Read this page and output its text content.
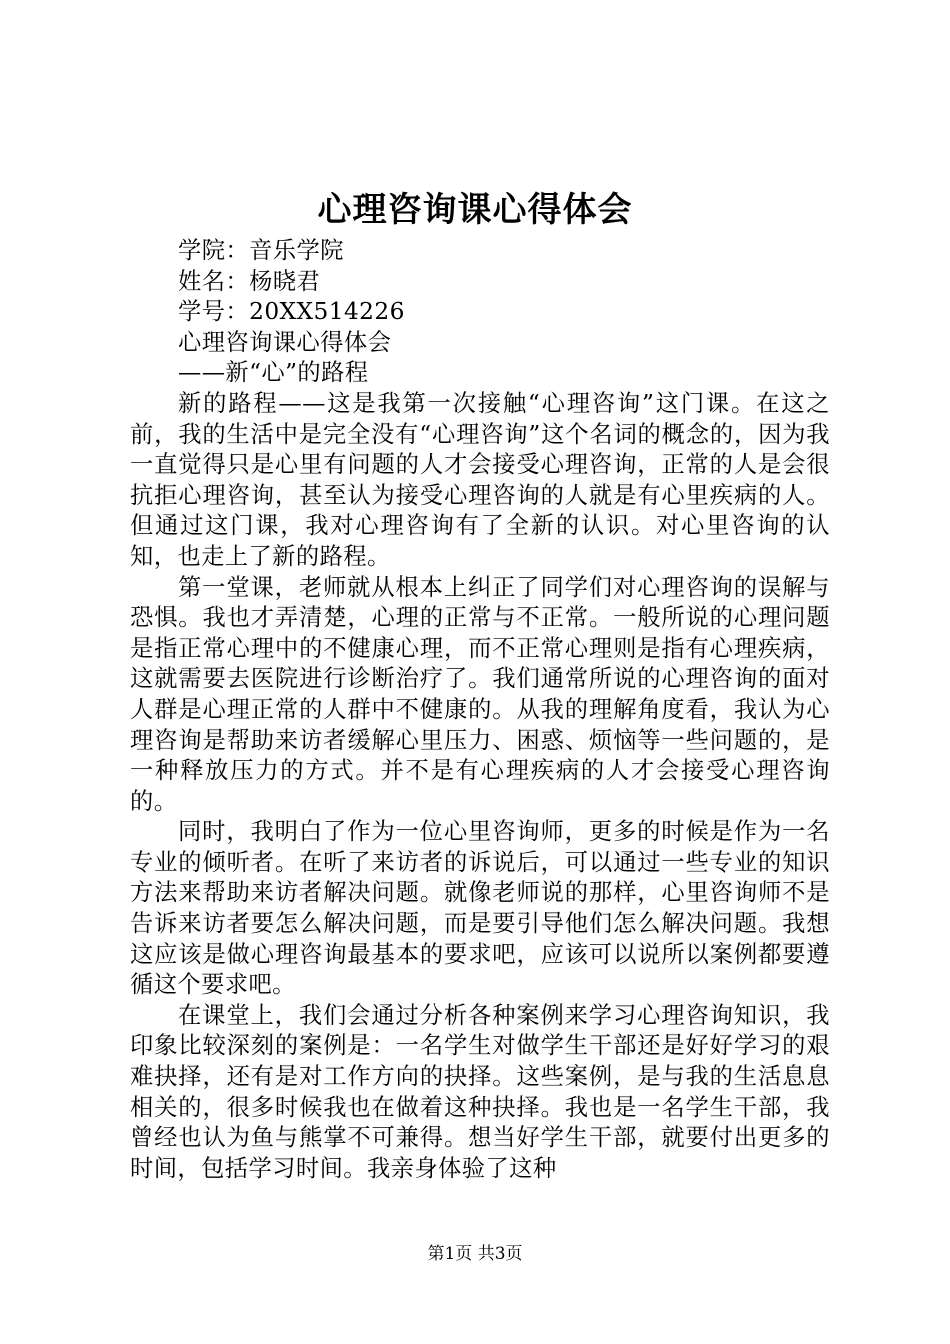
心理咨询课心得体会

学院：音乐学院

姓名：杨晓君

学号：20XX514226

心理咨询课心得体会

——新“心”的路程

新的路程——这是我第一次接触“心理咨询”这门课。在这之前，我的生活中是完全没有“心理咨询”这个名词的概念的，因为我一直觉得只是心里有问题的人才会接受心理咨询，正常的人是会很抗拒心理咨询，甚至认为接受心理咨询的人就是有心里疾病的人。但通过这门课，我对心理咨询有了全新的认识。对心里咨询的认知，也走上了新的路程。

第一堂课，老师就从根本上纠正了同学们对心理咨询的误解与恐惧。我也才弄清楚，心理的正常与不正常。一般所说的心理问题是指正常心理中的不健康心理，而不正常心理则是指有心理疾病，这就需要去医院进行诊断治疗了。我们通常所说的心理咨询的面对人群是心理正常的人群中不健康的。从我的理解角度看，我认为心理咨询是帮助来访者缓解心里压力、困惑、烦恼等一些问题的，是一种释放压力的方式。并不是有心理疾病的人才会接受心理咨询的。

同时，我明白了作为一位心里咨询师，更多的时候是作为一名专业的倾听者。在听了来访者的诉说后，可以通过一些专业的知识方法来帮助来访者解决问题。就像老师说的那样，心里咨询师不是告诉来访者要怎么解决问题，而是要引导他们怎么解决问题。我想这应该是做心理咨询最基本的要求吧，应该可以说所以案例都要遵循这个要求吧。

在课堂上，我们会通过分析各种案例来学习心理咨询知识，我印象比较深刻的案例是：一名学生对做学生干部还是好好学习的艰难抉择，还有是对工作方向的抉择。这些案例，是与我的生活息息相关的，很多时候我也在做着这种抉择。我也是一名学生干部，我曾经也认为鱼与熊掌不可兼得。想当好学生干部，就要付出更多的时间，包括学习时间。我亲身体验了这种

第1页 共3页
